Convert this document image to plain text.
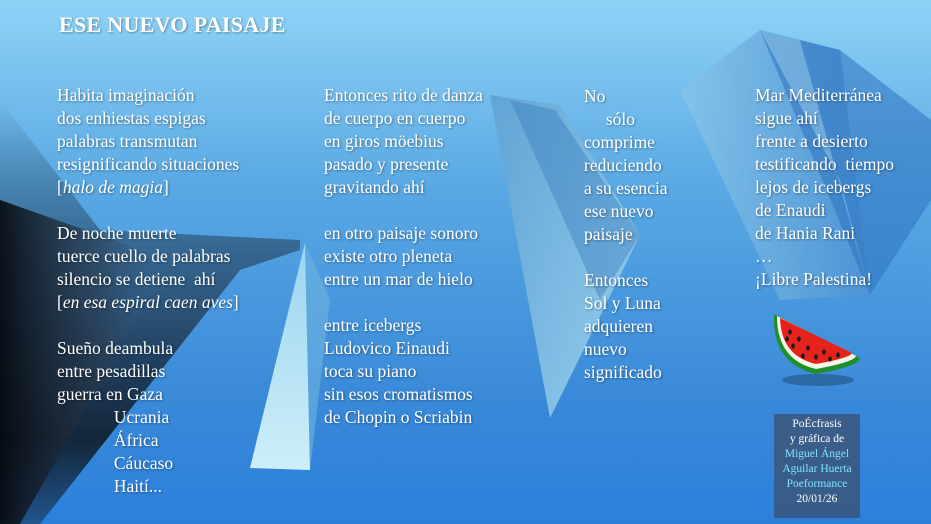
ESE NUEVO PAISAJE
Habita imaginación
dos enhiestas espigas
palabras transmutan
resignificando situaciones
[halo de magia]
De noche muerte
tuerce cuello de palabras
silencio se detiene  ahí
[en esa espiral caen aves]
Sueño deambula
entre pesadillas
guerra en Gaza
Ucrania
África
Cáucaso
Haití...
Entonces rito de danza
de cuerpo en cuerpo
en giros möebius
pasado y presente
gravitando ahí
en otro paisaje sonoro
existe otro pleneta
entre un mar de hielo
entre icebergs
Ludovico Einaudi
toca su piano
sin esos cromatismos
de Chopin o Scriabin
No
sólo
comprime
reduciendo
a su esencia
ese nuevo
paisaje
Entonces
Sol y Luna
adquieren
nuevo
significado
Mar Mediterránea
sigue ahí
frente a desierto
testificando  tiempo
lejos de icebergs
de Enaudi
de Hania Rani
…
¡Libre Palestina!
PoÉcfrasis
y gráfica de
Miguel Ángel
Aguilar Huerta
Poeformance
20/01/26
